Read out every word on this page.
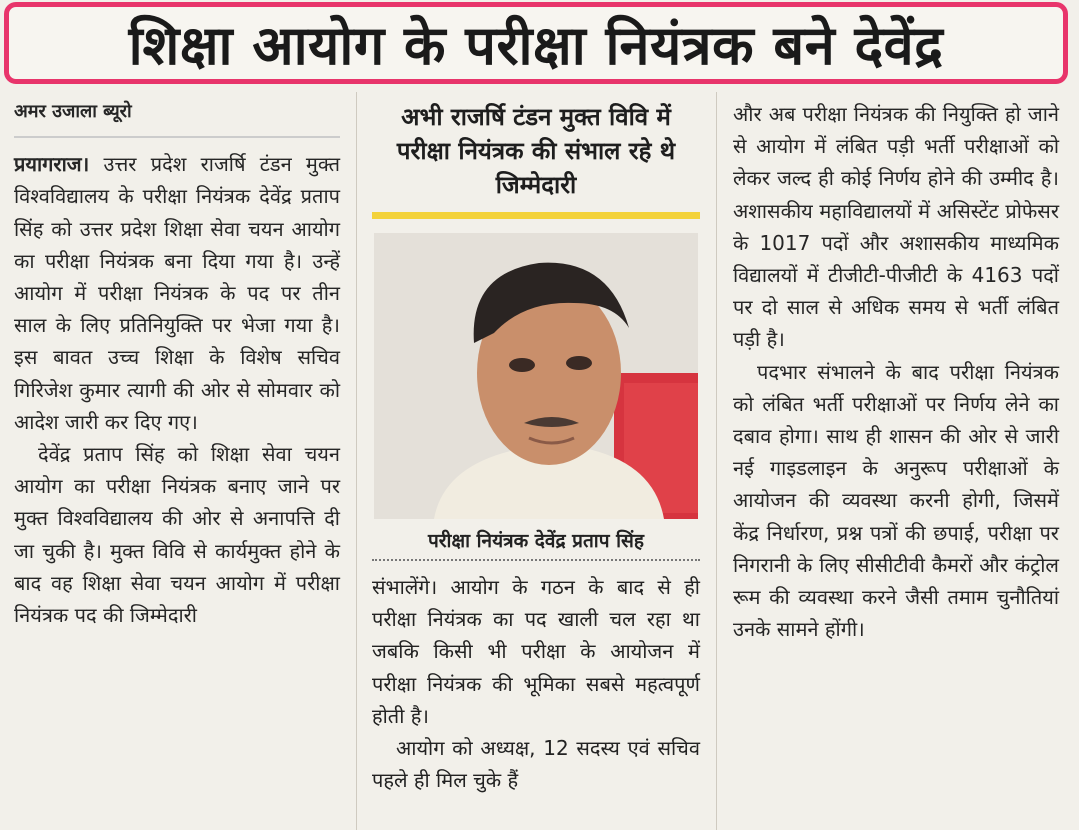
शिक्षा आयोग के परीक्षा नियंत्रक बने देवेंद्र
अमर उजाला ब्यूरो

प्रयागराज। उत्तर प्रदेश राजर्षि टंडन मुक्त विश्वविद्यालय के परीक्षा नियंत्रक देवेंद्र प्रताप सिंह को उत्तर प्रदेश शिक्षा सेवा चयन आयोग का परीक्षा नियंत्रक बना दिया गया है। उन्हें आयोग में परीक्षा नियंत्रक के पद पर तीन साल के लिए प्रतिनियुक्ति पर भेजा गया है। इस बावत उच्च शिक्षा के विशेष सचिव गिरिजेश कुमार त्यागी की ओर से सोमवार को आदेश जारी कर दिए गए।

देवेंद्र प्रताप सिंह को शिक्षा सेवा चयन आयोग का परीक्षा नियंत्रक बनाए जाने पर मुक्त विश्वविद्यालय की ओर से अनापत्ति दी जा चुकी है। मुक्त विवि से कार्यमुक्त होने के बाद वह शिक्षा सेवा चयन आयोग में परीक्षा नियंत्रक पद की जिम्मेदारी

अभी राजर्षि टंडन मुक्त विवि में परीक्षा नियंत्रक की संभाल रहे थे जिम्मेदारी

परीक्षा नियंत्रक देवेंद्र प्रताप सिंह

संभालेंगे। आयोग के गठन के बाद से ही परीक्षा नियंत्रक का पद खाली चल रहा था जबकि किसी भी परीक्षा के आयोजन में परीक्षा नियंत्रक की भूमिका सबसे महत्वपूर्ण होती है।

आयोग को अध्यक्ष, 12 सदस्य एवं सचिव पहले ही मिल चुके हैं

और अब परीक्षा नियंत्रक की नियुक्ति हो जाने से आयोग में लंबित पड़ी भर्ती परीक्षाओं को लेकर जल्द ही कोई निर्णय होने की उम्मीद है। अशासकीय महाविद्यालयों में असिस्टेंट प्रोफेसर के 1017 पदों और अशासकीय माध्यमिक विद्यालयों में टीजीटी-पीजीटी के 4163 पदों पर दो साल से अधिक समय से भर्ती लंबित पड़ी है।

पदभार संभालने के बाद परीक्षा नियंत्रक को लंबित भर्ती परीक्षाओं पर निर्णय लेने का दबाव होगा। साथ ही शासन की ओर से जारी नई गाइडलाइन के अनुरूप परीक्षाओं के आयोजन की व्यवस्था करनी होगी, जिसमें केंद्र निर्धारण, प्रश्न पत्रों की छपाई, परीक्षा पर निगरानी के लिए सीसीटीवी कैमरों और कंट्रोल रूम की व्यवस्था करने जैसी तमाम चुनौतियां उनके सामने होंगी।
